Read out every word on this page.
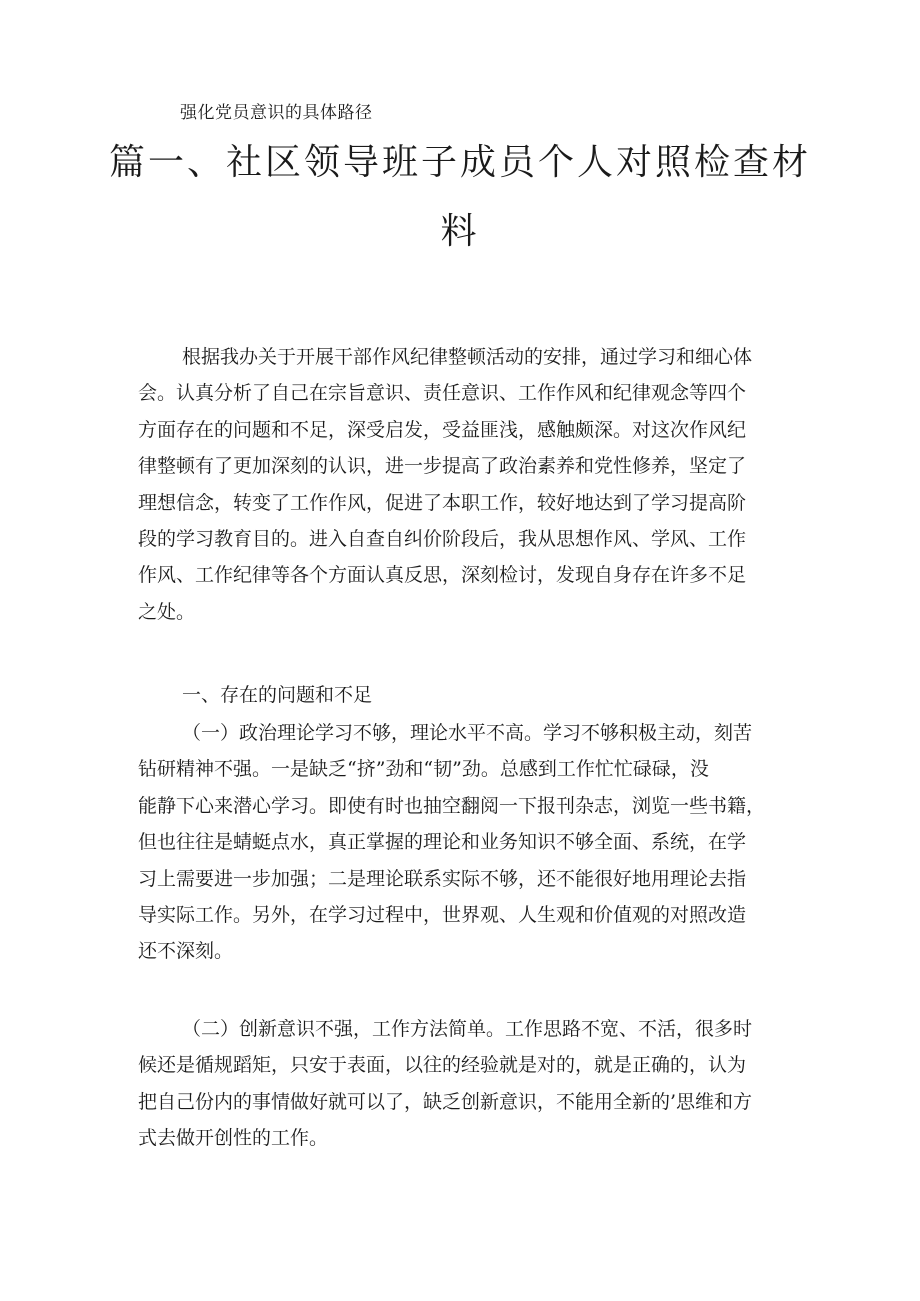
强化党员意识的具体路径
篇一、社区领导班子成员个人对照检查材
料
根据我办关于开展干部作风纪律整顿活动的安排，通过学习和细心体
会。认真分析了自己在宗旨意识、责任意识、工作作风和纪律观念等四个
方面存在的问题和不足，深受启发，受益匪浅，感触颇深。对这次作风纪
律整顿有了更加深刻的认识，进一步提高了政治素养和党性修养，坚定了
理想信念，转变了工作作风，促进了本职工作，较好地达到了学习提高阶
段的学习教育目的。进入自查自纠价阶段后，我从思想作风、学风、工作
作风、工作纪律等各个方面认真反思，深刻检讨，发现自身存在许多不足
之处。
一、存在的问题和不足
（一）政治理论学习不够，理论水平不高。学习不够积极主动，刻苦
钻研精神不强。一是缺乏“挤”劲和“韧”劲。总感到工作忙忙碌碌，没
能静下心来潜心学习。即使有时也抽空翻阅一下报刊杂志，浏览一些书籍，
但也往往是蜻蜓点水，真正掌握的理论和业务知识不够全面、系统，在学
习上需要进一步加强；二是理论联系实际不够，还不能很好地用理论去指
导实际工作。另外，在学习过程中，世界观、人生观和价值观的对照改造
还不深刻。
（二）创新意识不强，工作方法简单。工作思路不宽、不活，很多时
候还是循规蹈矩，只安于表面，以往的经验就是对的，就是正确的，认为
把自己份内的事情做好就可以了，缺乏创新意识，不能用全新的’思维和方
式去做开创性的工作。
